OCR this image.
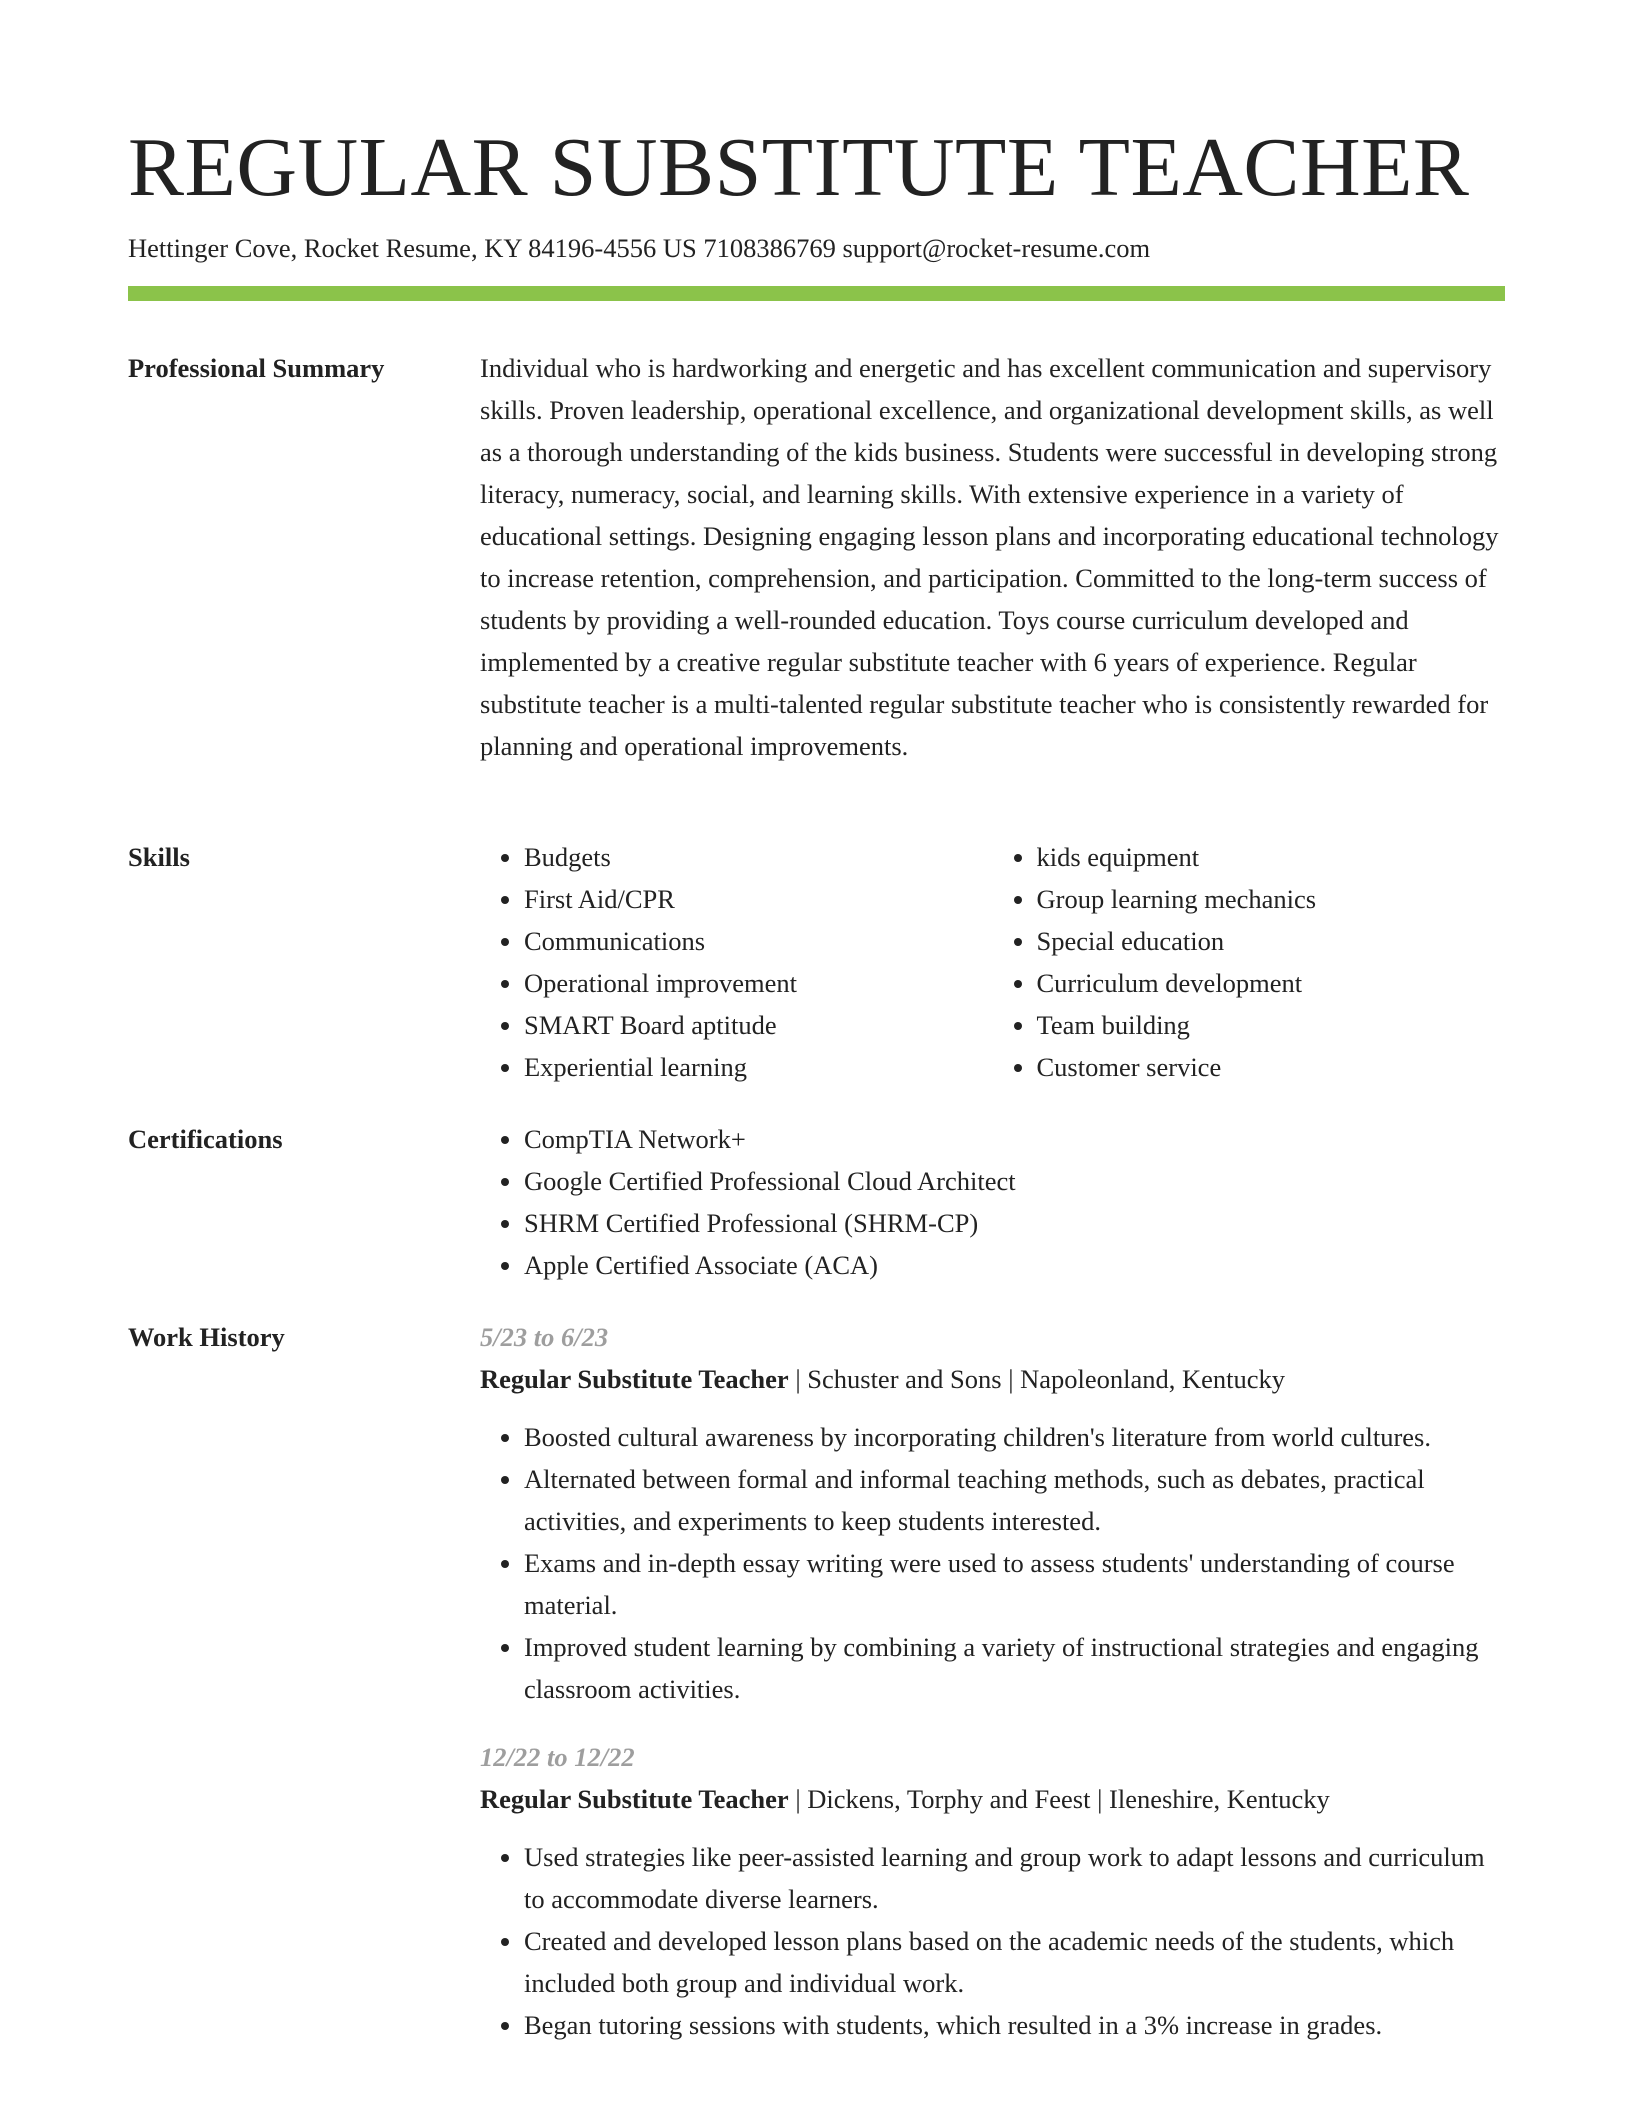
REGULAR SUBSTITUTE TEACHER
Hettinger Cove, Rocket Resume, KY 84196-4556 US 7108386769 support@rocket-resume.com
Professional Summary	Individual who is hardworking and energetic and has excellent communication and supervisory skills. Proven leadership, operational excellence, and organizational development skills, as well as a thorough understanding of the kids business. Students were successful in developing strong literacy, numeracy, social, and learning skills. With extensive experience in a variety of educational settings. Designing engaging lesson plans and incorporating educational technology to increase retention, comprehension, and participation. Committed to the long-term success of students by providing a well-rounded education. Toys course curriculum developed and implemented by a creative regular substitute teacher with 6 years of experience. Regular substitute teacher is a multi-talented regular substitute teacher who is consistently rewarded for planning and operational improvements.

Skills	• Budgets
• First Aid/CPR
• Communications
• Operational improvement
• SMART Board aptitude
• Experiential learning
• kids equipment
• Group learning mechanics
• Special education
• Curriculum development
• Team building
• Customer service
Certifications	• CompTIA Network+
• Google Certified Professional Cloud Architect
• SHRM Certified Professional (SHRM-CP)
• Apple Certified Associate (ACA)
Work History	5/23 to 6/23
Regular Substitute Teacher | Schuster and Sons | Napoleonland, Kentucky
• Boosted cultural awareness by incorporating children's literature from world cultures.
• Alternated between formal and informal teaching methods, such as debates, practical activities, and experiments to keep students interested.
• Exams and in-depth essay writing were used to assess students' understanding of course material.
• Improved student learning by combining a variety of instructional strategies and engaging classroom activities.
12/22 to 12/22
Regular Substitute Teacher | Dickens, Torphy and Feest | Ileneshire, Kentucky
• Used strategies like peer-assisted learning and group work to adapt lessons and curriculum to accommodate diverse learners.
• Created and developed lesson plans based on the academic needs of the students, which included both group and individual work.
• Began tutoring sessions with students, which resulted in a 3% increase in grades.
